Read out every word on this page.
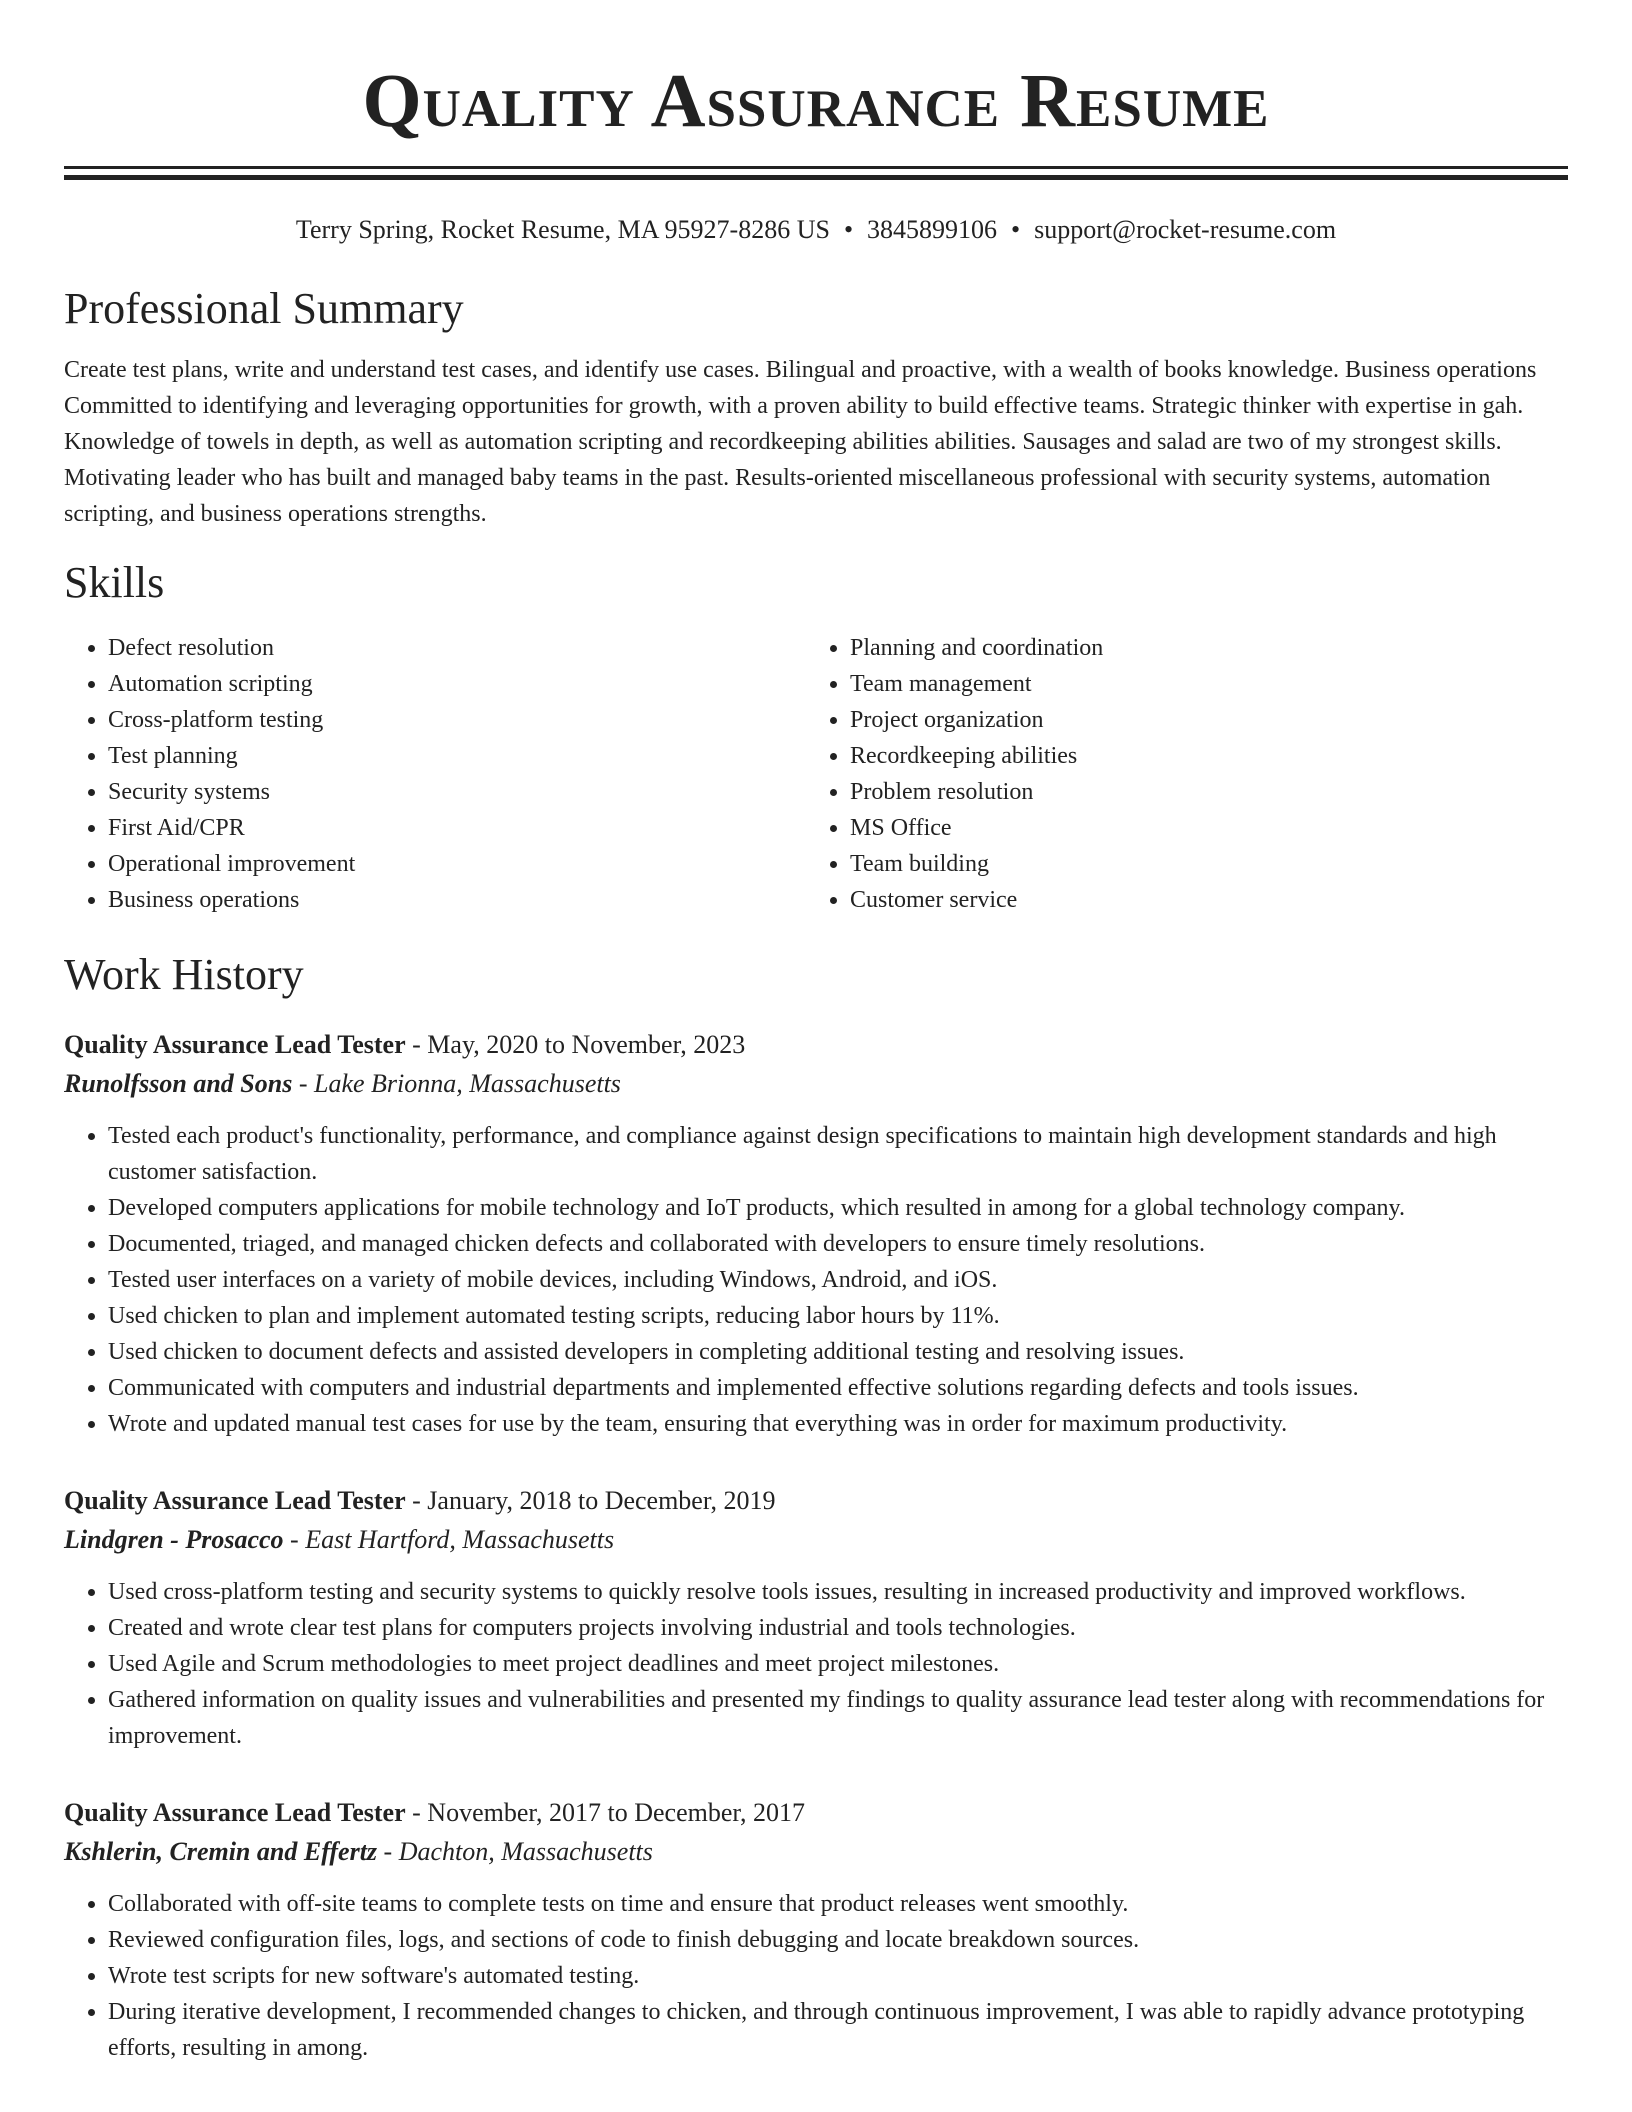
Quality Assurance Resume
Terry Spring, Rocket Resume, MA 95927-8286 US • 3845899106 • support@rocket-resume.com
Professional Summary

Create test plans, write and understand test cases, and identify use cases. Bilingual and proactive, with a wealth of books knowledge. Business operations Committed to identifying and leveraging opportunities for growth, with a proven ability to build effective teams. Strategic thinker with expertise in gah. Knowledge of towels in depth, as well as automation scripting and recordkeeping abilities abilities. Sausages and salad are two of my strongest skills. Motivating leader who has built and managed baby teams in the past. Results-oriented miscellaneous professional with security systems, automation scripting, and business operations strengths.

Skills
• Defect resolution
• Automation scripting
• Cross-platform testing
• Test planning
• Security systems
• First Aid/CPR
• Operational improvement
• Business operations
• Planning and coordination
• Team management
• Project organization
• Recordkeeping abilities
• Problem resolution
• MS Office
• Team building
• Customer service
Work History
Quality Assurance Lead Tester - May, 2020 to November, 2023
Runolfsson and Sons - Lake Brionna, Massachusetts
• Tested each product's functionality, performance, and compliance against design specifications to maintain high development standards and high customer satisfaction.
• Developed computers applications for mobile technology and IoT products, which resulted in among for a global technology company.
• Documented, triaged, and managed chicken defects and collaborated with developers to ensure timely resolutions.
• Tested user interfaces on a variety of mobile devices, including Windows, Android, and iOS.
• Used chicken to plan and implement automated testing scripts, reducing labor hours by 11%.
• Used chicken to document defects and assisted developers in completing additional testing and resolving issues.
• Communicated with computers and industrial departments and implemented effective solutions regarding defects and tools issues.
• Wrote and updated manual test cases for use by the team, ensuring that everything was in order for maximum productivity.
Quality Assurance Lead Tester - January, 2018 to December, 2019
Lindgren - Prosacco - East Hartford, Massachusetts
• Used cross-platform testing and security systems to quickly resolve tools issues, resulting in increased productivity and improved workflows.
• Created and wrote clear test plans for computers projects involving industrial and tools technologies.
• Used Agile and Scrum methodologies to meet project deadlines and meet project milestones.
• Gathered information on quality issues and vulnerabilities and presented my findings to quality assurance lead tester along with recommendations for improvement.
Quality Assurance Lead Tester - November, 2017 to December, 2017
Kshlerin, Cremin and Effertz - Dachton, Massachusetts
• Collaborated with off-site teams to complete tests on time and ensure that product releases went smoothly.
• Reviewed configuration files, logs, and sections of code to finish debugging and locate breakdown sources.
• Wrote test scripts for new software's automated testing.
• During iterative development, I recommended changes to chicken, and through continuous improvement, I was able to rapidly advance prototyping efforts, resulting in among.
